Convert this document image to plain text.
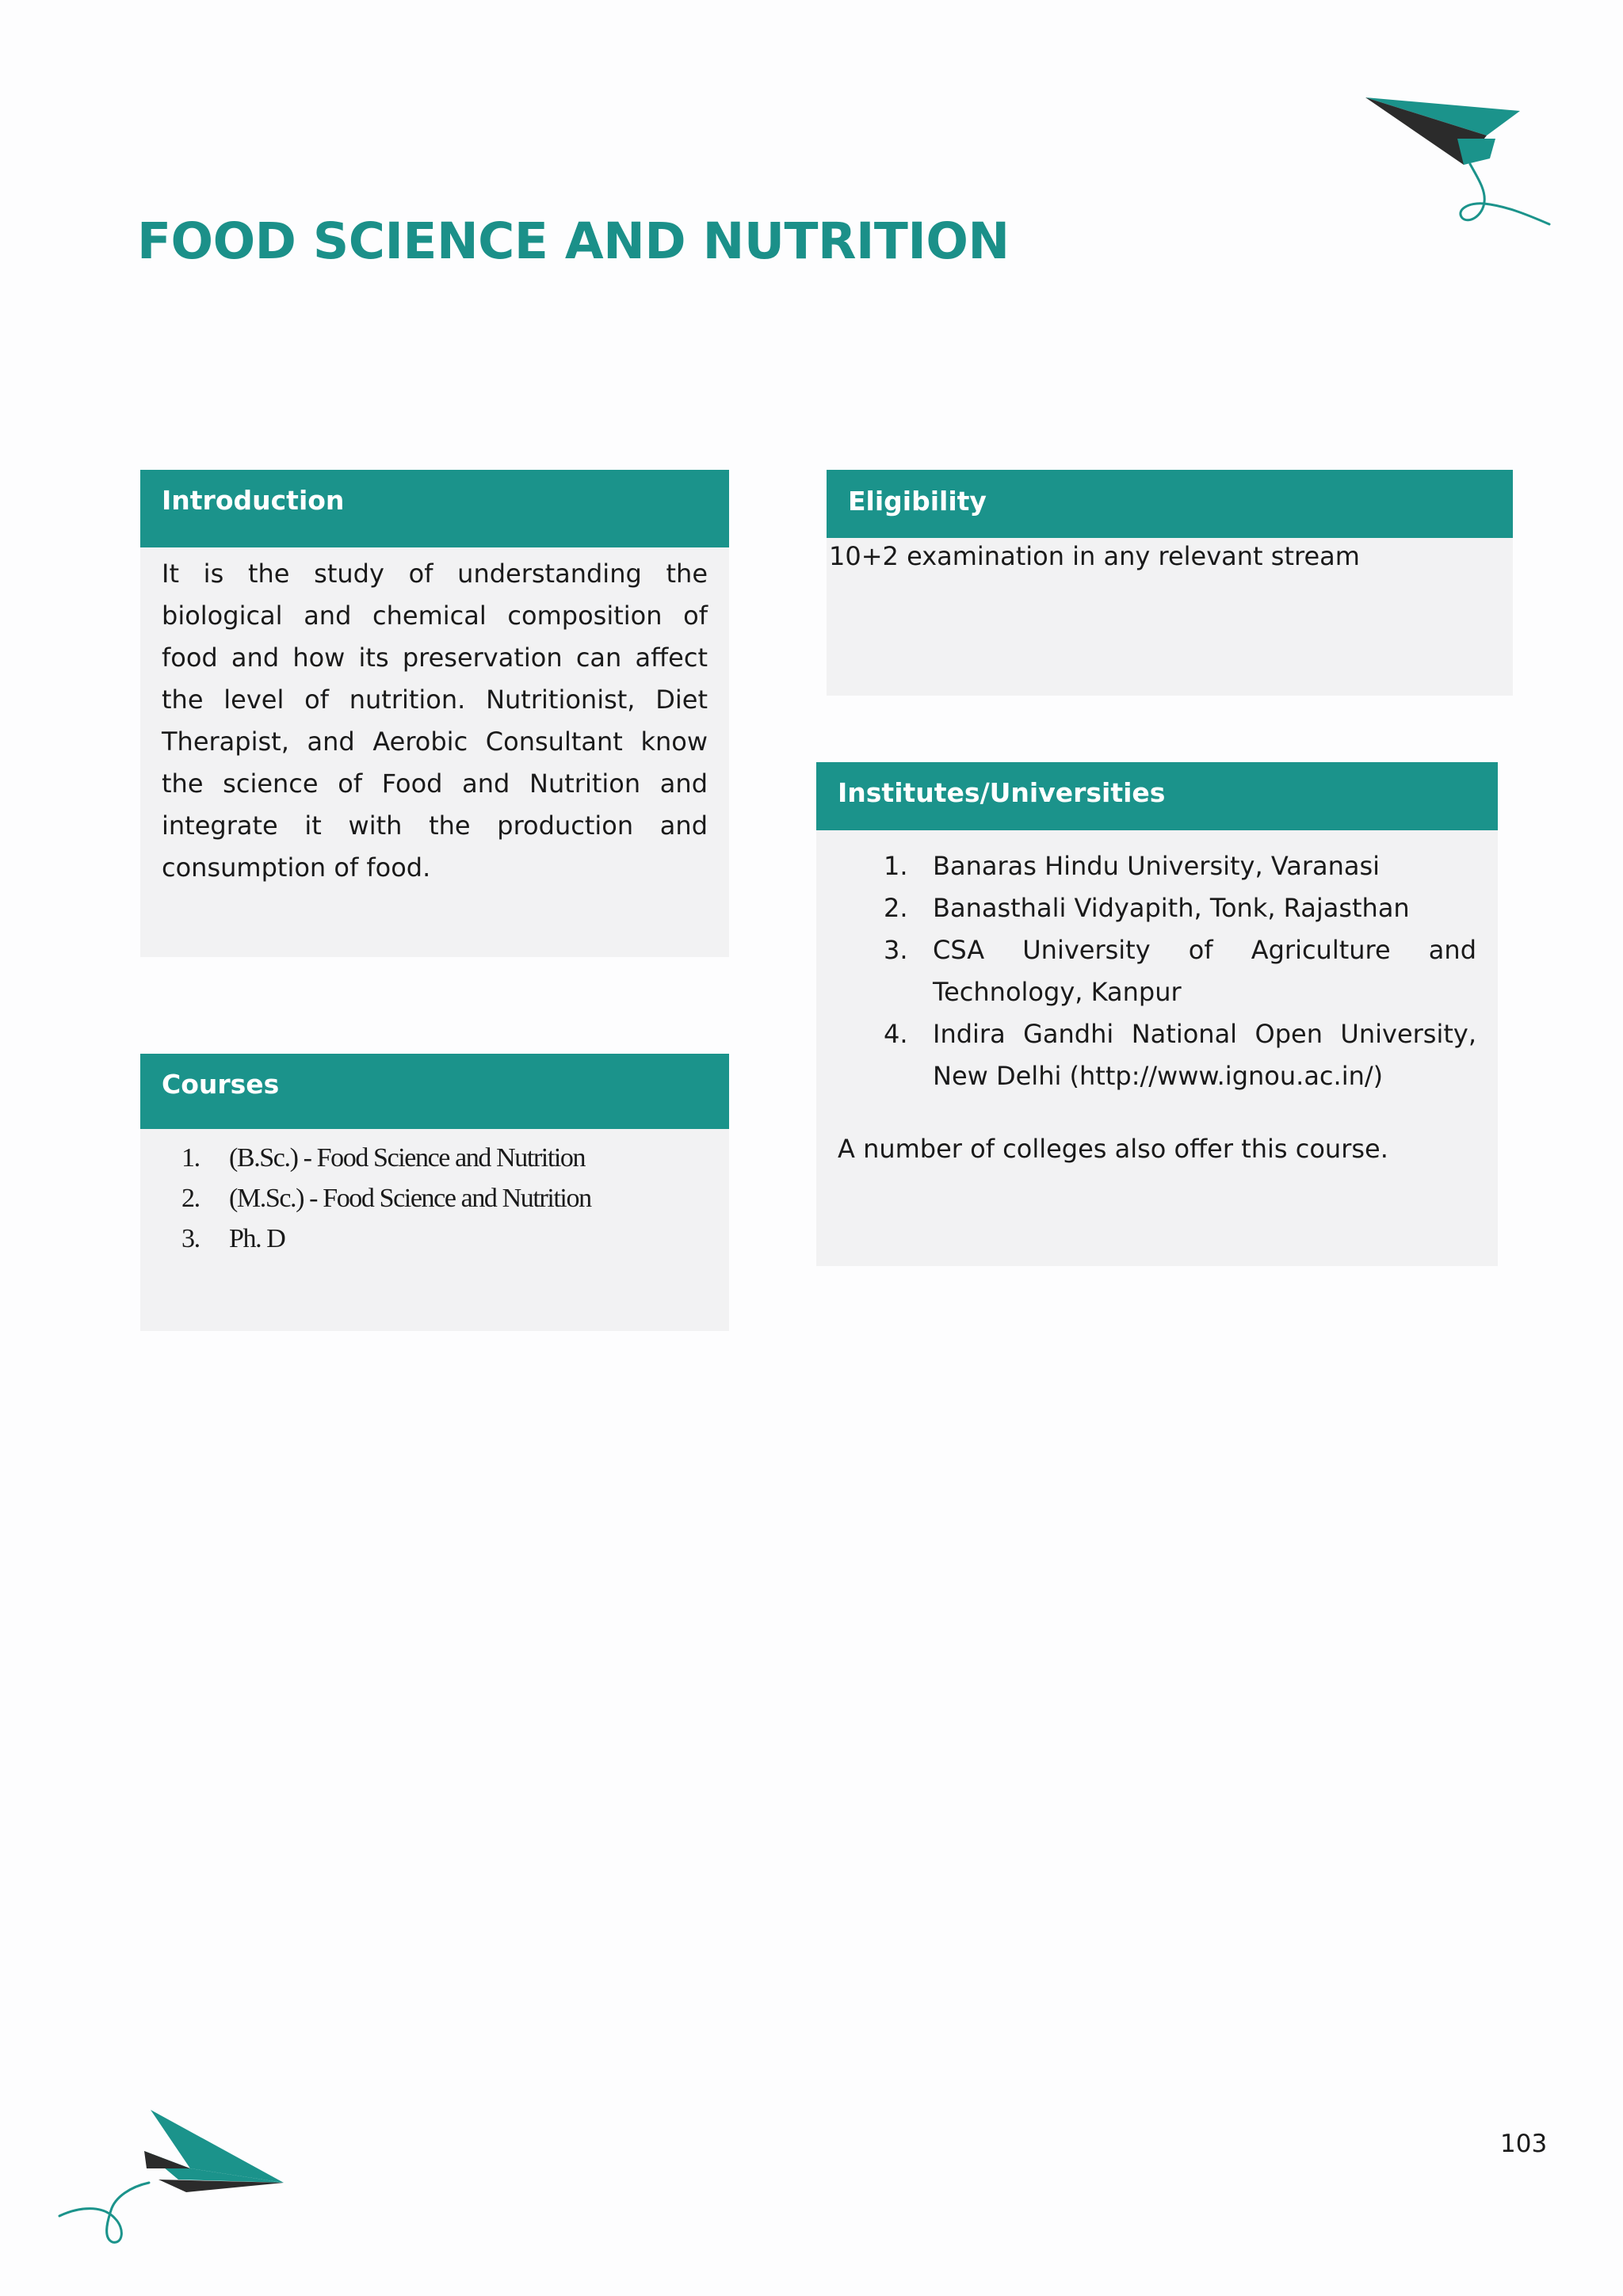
FOOD SCIENCE AND NUTRITION
Introduction

It is the study of understanding the biological and chemical composition of food and how its preservation can affect the level of nutrition. Nutritionist, Diet Therapist, and Aerobic Consultant know the science of Food and Nutrition and integrate it with the production and consumption of food.

Eligibility

10+2 examination in any relevant stream

Institutes/Universities
1. Banaras Hindu University, Varanasi
2. Banasthali Vidyapith, Tonk, Rajasthan
3. CSA University of Agriculture and
Technology, Kanpur
4. Indira Gandhi National Open University, New Delhi (http://www.ignou.ac.in/)

A number of colleges also offer this course.

Courses
1. (B.Sc.) - Food Science and Nutrition
2. (M.Sc.) - Food Science and Nutrition
3. Ph. D
103
